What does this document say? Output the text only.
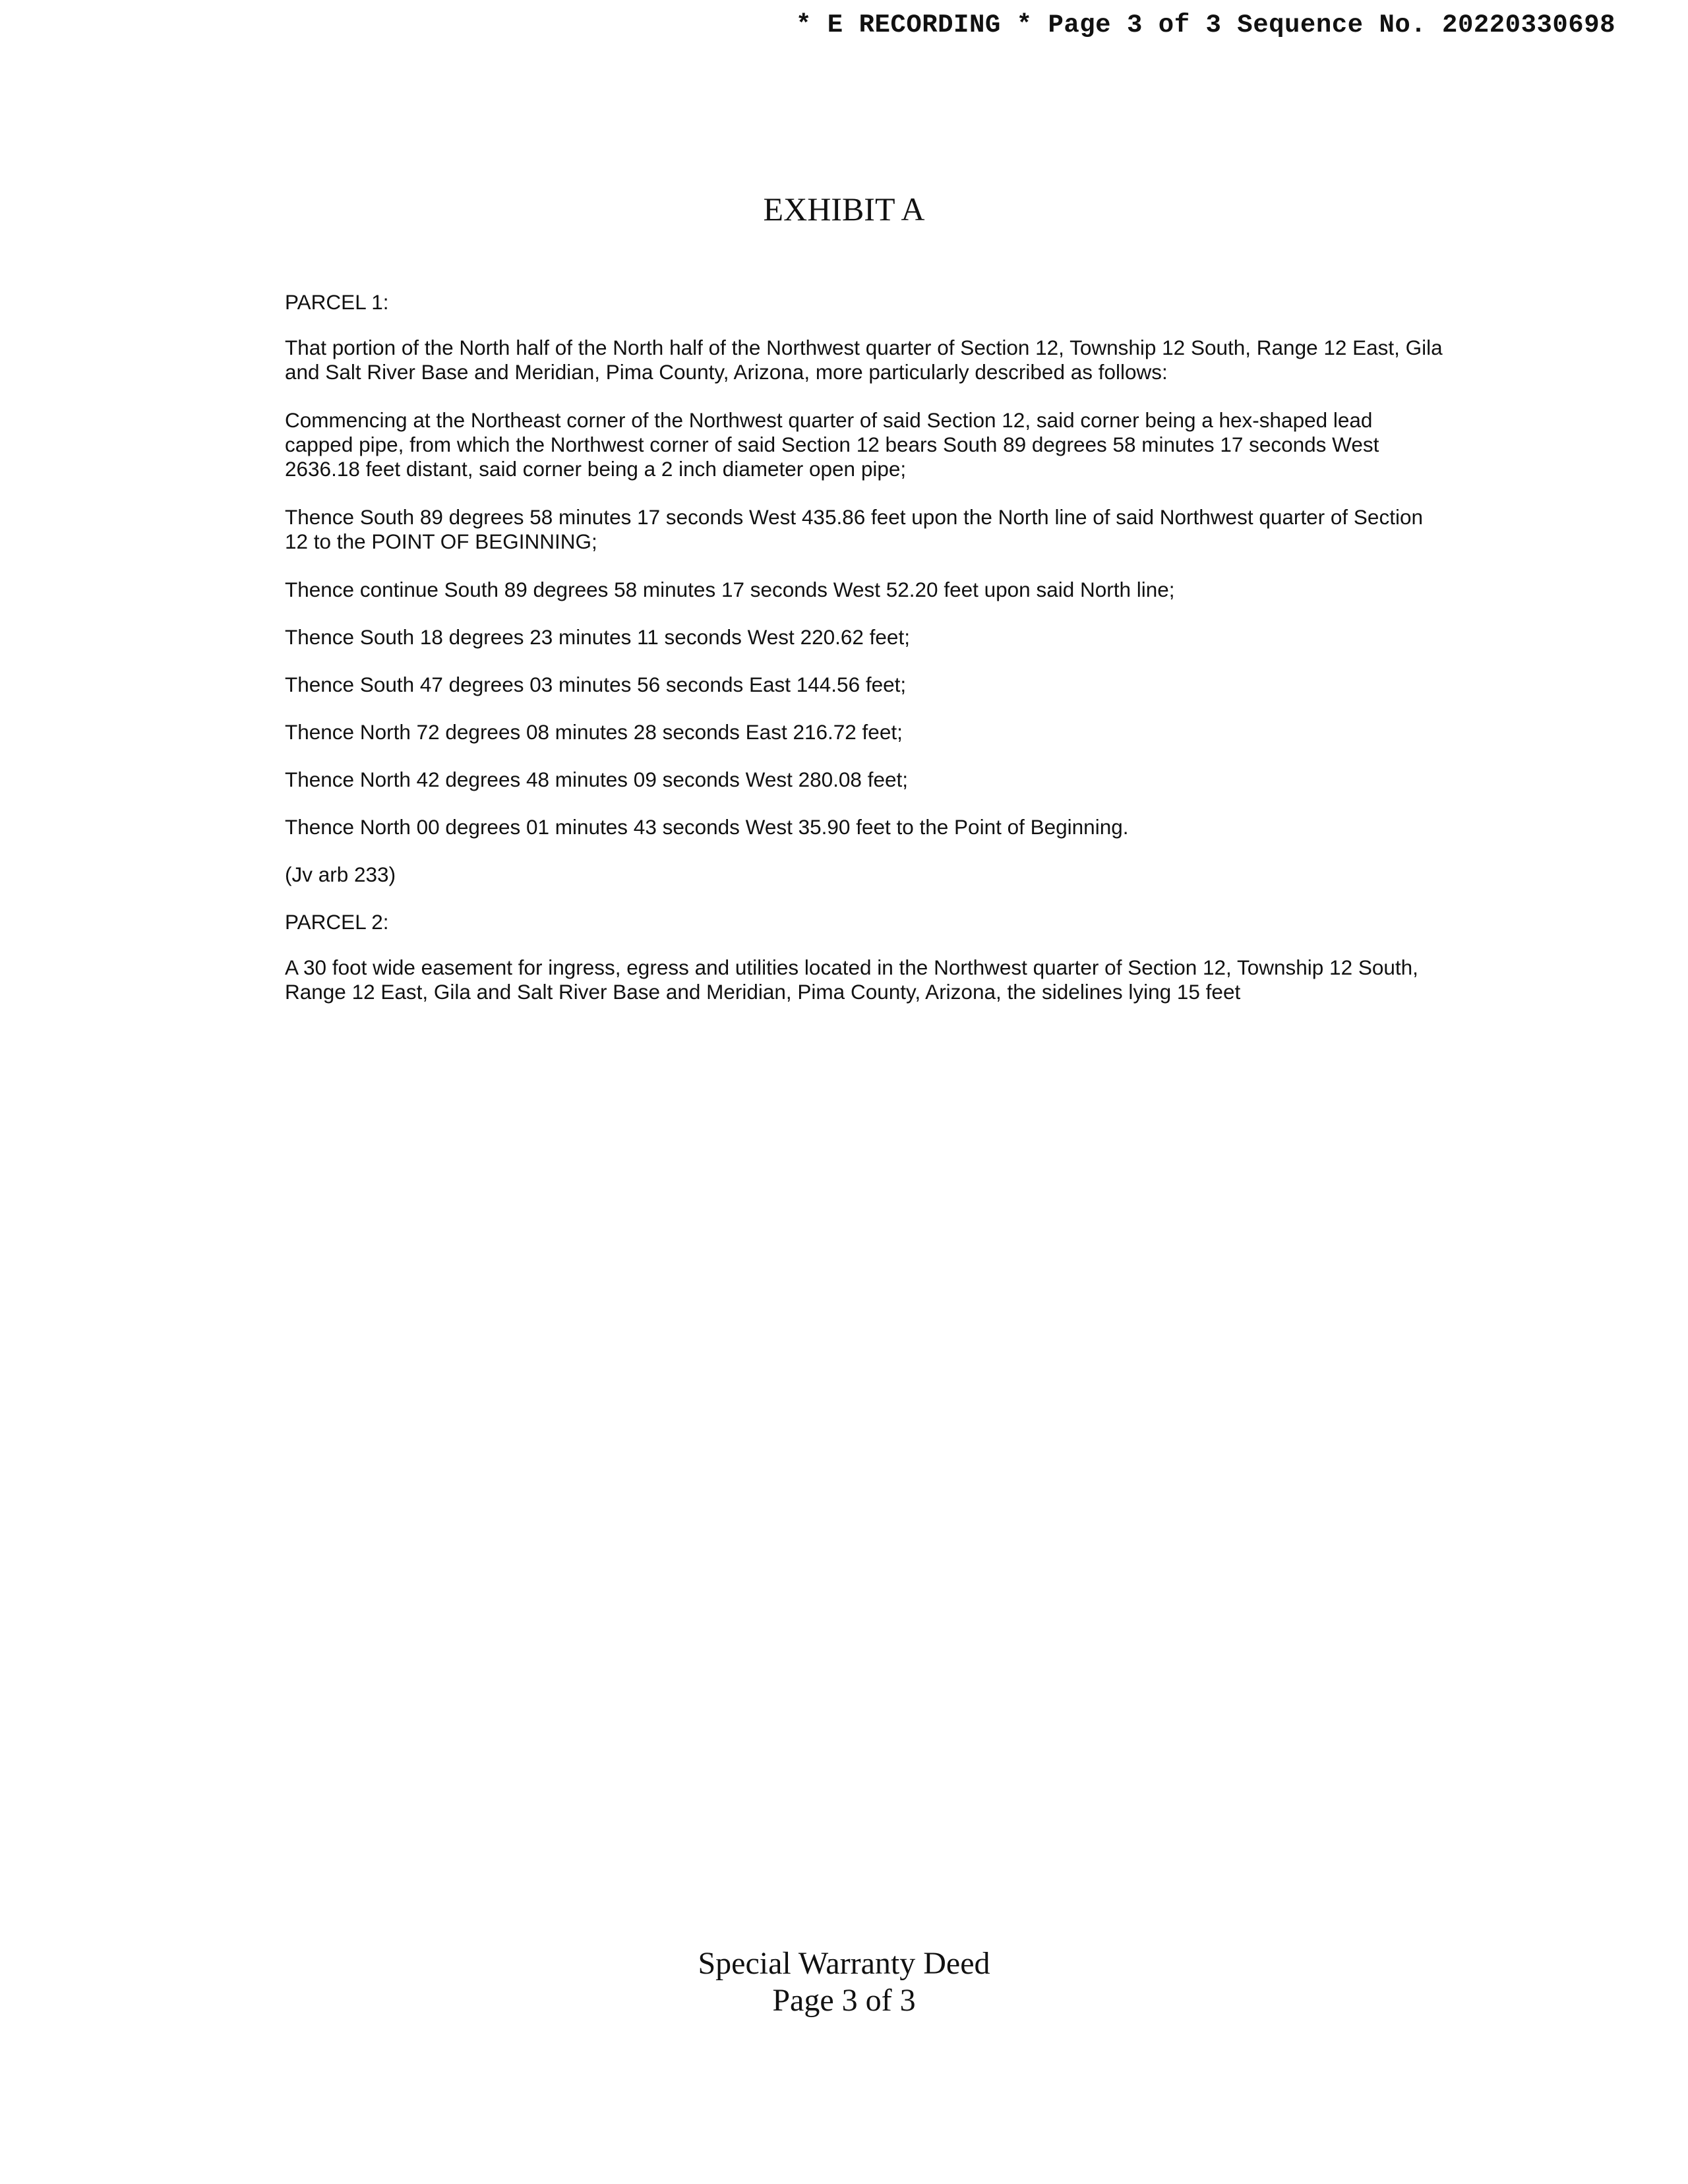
* E RECORDING * Page 3 of 3 Sequence No. 20220330698
EXHIBIT A

PARCEL 1:

That portion of the North half of the North half of the Northwest quarter of Section 12, Township 12 South, Range 12 East, Gila and Salt River Base and Meridian, Pima County, Arizona, more particularly described as follows:

Commencing at the Northeast corner of the Northwest quarter of said Section 12, said corner being a hex-shaped lead capped pipe, from which the Northwest corner of said Section 12 bears South 89 degrees 58 minutes 17 seconds West 2636.18 feet distant, said corner being a 2 inch diameter open pipe;

Thence South 89 degrees 58 minutes 17 seconds West 435.86 feet upon the North line of said Northwest quarter of Section 12 to the POINT OF BEGINNING;

Thence continue South 89 degrees 58 minutes 17 seconds West 52.20 feet upon said North line;

Thence South 18 degrees 23 minutes 11 seconds West 220.62 feet;

Thence South 47 degrees 03 minutes 56 seconds East 144.56 feet;

Thence North 72 degrees 08 minutes 28 seconds East 216.72 feet;

Thence North 42 degrees 48 minutes 09 seconds West 280.08 feet;

Thence North 00 degrees 01 minutes 43 seconds West 35.90 feet to the Point of Beginning.

(Jv arb 233)

PARCEL 2:

A 30 foot wide easement for ingress, egress and utilities located in the Northwest quarter of Section 12, Township 12 South, Range 12 East, Gila and Salt River Base and Meridian, Pima County, Arizona, the sidelines lying 15 feet

Special Warranty Deed
Page 3 of 3
